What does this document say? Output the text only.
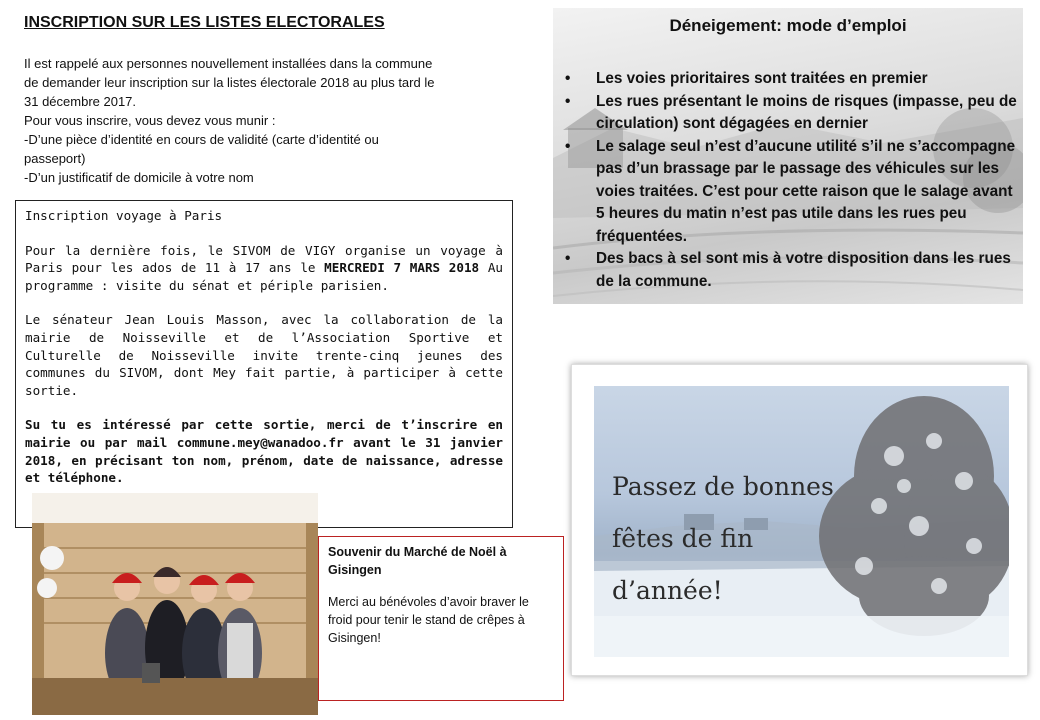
INSCRIPTION SUR LES LISTES ELECTORALES

Il est rappelé aux personnes nouvellement installées dans la commune

de demander leur inscription sur la listes électorale 2018 au plus tard le

31 décembre 2017.

Pour vous inscrire, vous devez vous munir :

-D’une pièce d’identité en cours de validité (carte d’identité ou

passeport)

-D’un justificatif de domicile à votre nom

Inscription voyage à Paris

Pour la dernière fois, le SIVOM de VIGY organise un voyage à Paris pour les ados de 11 à 17 ans le MERCREDI 7 MARS 2018 Au programme : visite du sénat et périple parisien.

Le sénateur Jean Louis Masson, avec la collaboration de la mairie de Noisseville et de l’Association Sportive et Culturelle de Noisseville invite trente-cinq jeunes des communes du SIVOM, dont Mey fait partie, à participer à cette sortie.

Su tu es intéressé par cette sortie, merci de t’inscrire en mairie ou par mail commune.mey@wanadoo.fr avant le 31 janvier 2018, en précisant ton nom, prénom, date de naissance, adresse et téléphone.

Déneigement: mode d’emploi
• Les voies prioritaires sont traitées en premier
• Les rues présentant le moins de risques (impasse, peu de circulation) sont dégagées en dernier
• Le salage seul n’est d’aucune utilité s’il ne s’accompagne pas d’un brassage par le passage des véhicules sur les voies traitées. C’est pour cette raison que le salage avant 5 heures du matin n’est pas utile dans les rues peu fréquentées.
• Des bacs à sel sont mis à votre disposition dans les rues de la commune.
Passez de bonnes
fêtes de fin
d’année!
Souvenir du Marché de Noël à Gisingen
Merci au bénévoles d’avoir braver le froid pour tenir le stand de crêpes à Gisingen!
